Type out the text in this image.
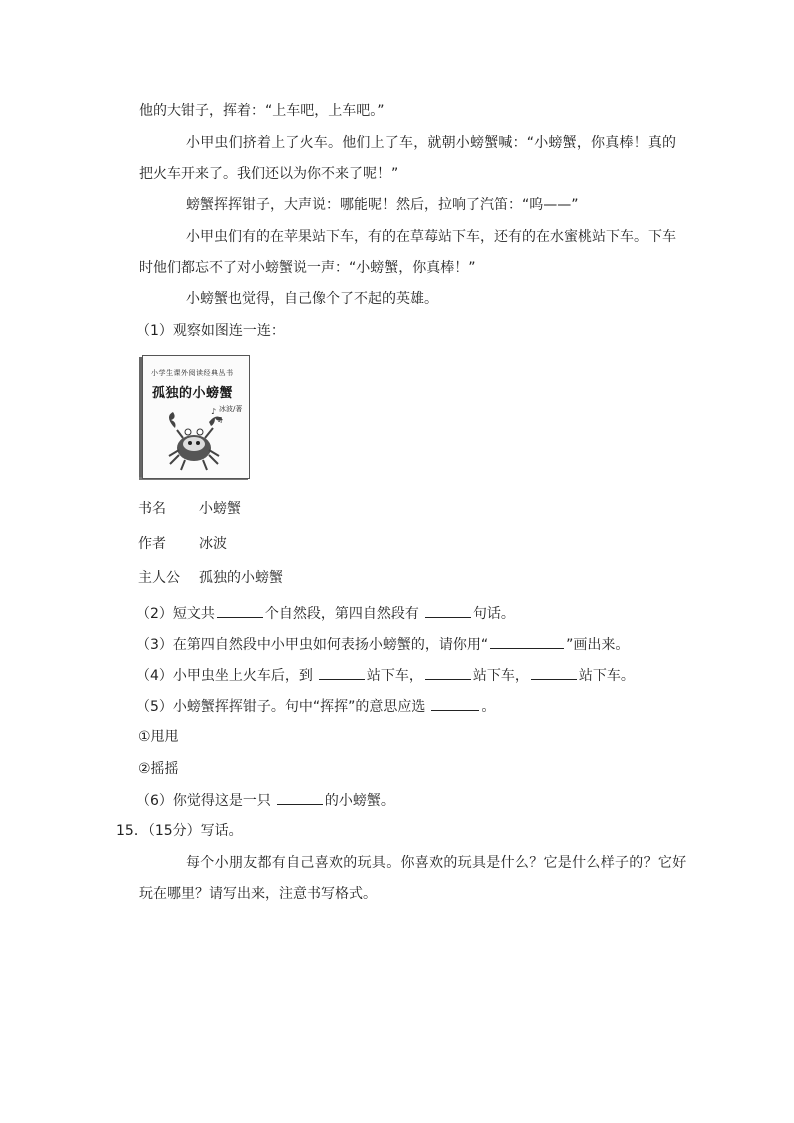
他的大钳子，挥着：“上车吧，上车吧。”
小甲虫们挤着上了火车。他们上了车，就朝小螃蟹喊：“小螃蟹，你真棒！真的
把火车开来了。我们还以为你不来了呢！”
螃蟹挥挥钳子，大声说：哪能呢！然后，拉响了汽笛：“呜——”
小甲虫们有的在苹果站下车，有的在草莓站下车，还有的在水蜜桃站下车。下车
时他们都忘不了对小螃蟹说一声：“小螃蟹，你真棒！”
小螃蟹也觉得，自己像个了不起的英雄。
（1）观察如图连一连：
小学生课外阅读经典丛书
孤独的小螃蟹
冰波/著
♪
♫
书名 小螃蟹
作者 冰波
主人公 孤独的小螃蟹
（2）短文共	个自然段，第四自然段有	句话。
（3）在第四自然段中小甲虫如何表扬小螃蟹的，请你用“	”画出来。
（4）小甲虫坐上火车后，到	站下车，	站下车，	站下车。
（5）小螃蟹挥挥钳子。句中“挥挥”的意思应选	。
①甩甩
②摇摇
（6）你觉得这是一只	的小螃蟹。
15．（15分）写话。
每个小朋友都有自己喜欢的玩具。你喜欢的玩具是什么？它是什么样子的？它好
玩在哪里？请写出来，注意书写格式。
